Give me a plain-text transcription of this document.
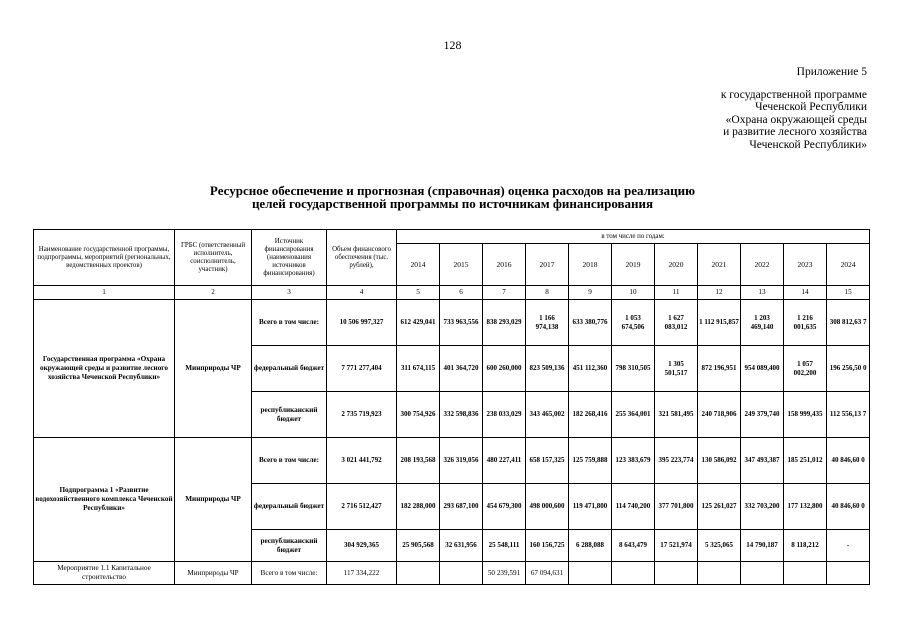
128
Приложение 5
к государственной программе
Чеченской Республики
«Охрана окружающей среды
и развитие лесного хозяйства
Чеченской Республики»
Ресурсное обеспечение и прогнозная (справочная) оценка расходов на реализацию
целей государственной программы по источникам финансирования
Наименование государственной программы, подпрограммы, мероприятий (региональных, ведомственных проектов)	ГРБС (ответственный исполнитель, соисполнитель, участник)	Источник финансирования (наименования источников финансирования)	Объем финансового обеспечения (тыс. рублей),	в том числе по годам:										
				2014	2015	2016	2017	2018	2019	2020	2021	2022	2023	2024
1	2	3	4	5	6	7	8	9	10	11	12	13	14	15
Государственная программа «Охрана окружающей среды и развитие лесного хозяйства Чеченской Республики»	Минприроды ЧР	Всего в том числе:	10 506 997,327	612 429,041	733 963,556	838 293,029	1 166 974,138	633 380,776	1 053 674,506	1 627 083,012	1 112 915,857	1 203 469,140	1 216 001,635	308 812,63 7
		федеральный бюджет	7 771 277,404	311 674,115	401 364,720	600 260,000	823 509,136	451 112,360	798 310,505	1 305 501,517	872 196,951	954 089,400	1 057 002,200	196 256,50 0
		республиканский бюджет	2 735 719,923	300 754,926	332 598,836	238 033,029	343 465,002	182 268,416	255 364,001	321 581,495	240 718,906	249 379,740	158 999,435	112 556,13 7
Подпрограмма 1 «Развитие водохозяйственного комплекса Чеченской Республики»	Минприроды ЧР	Всего в том числе:	3 021 441,792	208 193,568	326 319,056	480 227,411	658 157,325	125 759,888	123 383,679	395 223,774	130 586,092	347 493,387	185 251,012	40 846,60 0
		федеральный бюджет	2 716 512,427	182 288,000	293 687,100	454 679,300	498 000,600	119 471,800	114 740,200	377 701,800	125 261,027	332 703,200	177 132,800	40 846,60 0
		республиканский бюджет	304 929,365	25 905,568	32 631,956	25 548,111	160 156,725	6 288,088	8 643,479	17 521,974	5 325,065	14 790,187	8 118,212	-
Мероприятие 1.1 Капитальное строительство	Минприроды ЧР	Всего в том числе:	117 334,222			50 239,591	67 094,631							
